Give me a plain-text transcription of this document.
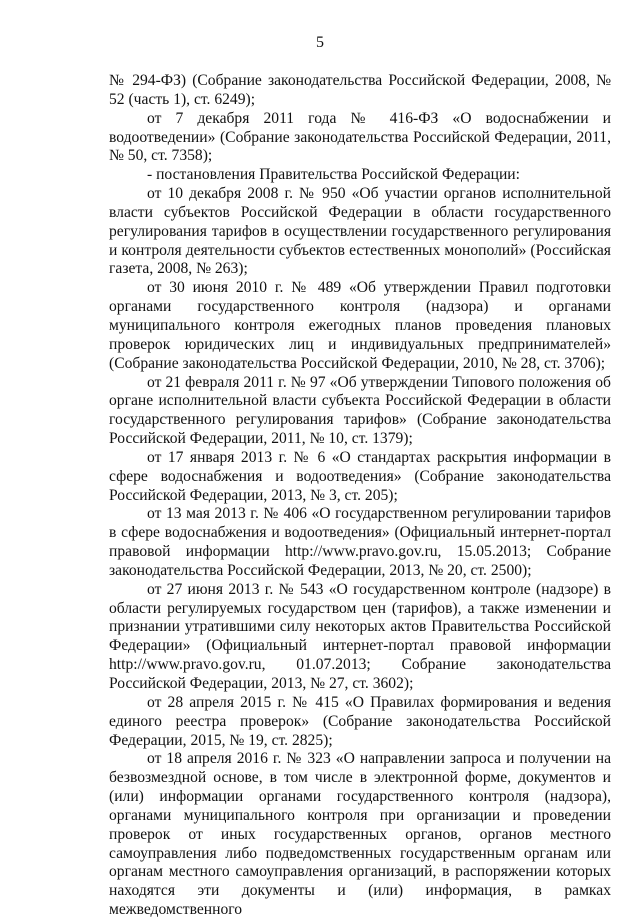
5

№ 294-ФЗ) (Собрание законодательства Российской Федерации, 2008, № 52 (часть 1), ст. 6249);

от 7 декабря 2011 года № 416-ФЗ «О водоснабжении и водоотведении» (Собрание законодательства Российской Федерации, 2011, № 50, ст. 7358);

- постановления Правительства Российской Федерации:

от 10 декабря 2008 г. № 950 «Об участии органов исполнительной власти субъектов Российской Федерации в области государственного регулирования тарифов в осуществлении государственного регулирования и контроля деятельности субъектов естественных монополий» (Российская газета, 2008, № 263);

от 30 июня 2010 г. № 489 «Об утверждении Правил подготовки органами государственного контроля (надзора) и органами муниципального контроля ежегодных планов проведения плановых проверок юридических лиц и индивидуальных предпринимателей» (Собрание законодательства Российской Федерации, 2010, № 28, ст. 3706);

от 21 февраля 2011 г. № 97 «Об утверждении Типового положения об органе исполнительной власти субъекта Российской Федерации в области государственного регулирования тарифов» (Собрание законодательства Российской Федерации, 2011, № 10, ст. 1379);

от 17 января 2013 г. № 6 «О стандартах раскрытия информации в сфере водоснабжения и водоотведения» (Собрание законодательства Российской Федерации, 2013, № 3, ст. 205);

от 13 мая 2013 г. № 406 «О государственном регулировании тарифов в сфере водоснабжения и водоотведения» (Официальный интернет-портал правовой информации http://www.pravo.gov.ru, 15.05.2013; Собрание законодательства Российской Федерации, 2013, № 20, ст. 2500);

от 27 июня 2013 г. № 543 «О государственном контроле (надзоре) в области регулируемых государством цен (тарифов), а также изменении и признании утратившими силу некоторых актов Правительства Российской Федерации» (Официальный интернет-портал правовой информации http://www.pravo.gov.ru, 01.07.2013; Собрание законодательства Российской Федерации, 2013, № 27, ст. 3602);

от 28 апреля 2015 г. № 415 «О Правилах формирования и ведения единого реестра проверок» (Собрание законодательства Российской Федерации, 2015, № 19, ст. 2825);

от 18 апреля 2016 г. № 323 «О направлении запроса и получении на безвозмездной основе, в том числе в электронной форме, документов и (или) информации органами государственного контроля (надзора), органами муниципального контроля при организации и проведении проверок от иных государственных органов, органов местного самоуправления либо подведомственных государственным органам или органам местного самоуправления организаций, в распоряжении которых находятся эти документы и (или) информация, в рамках межведомственного
